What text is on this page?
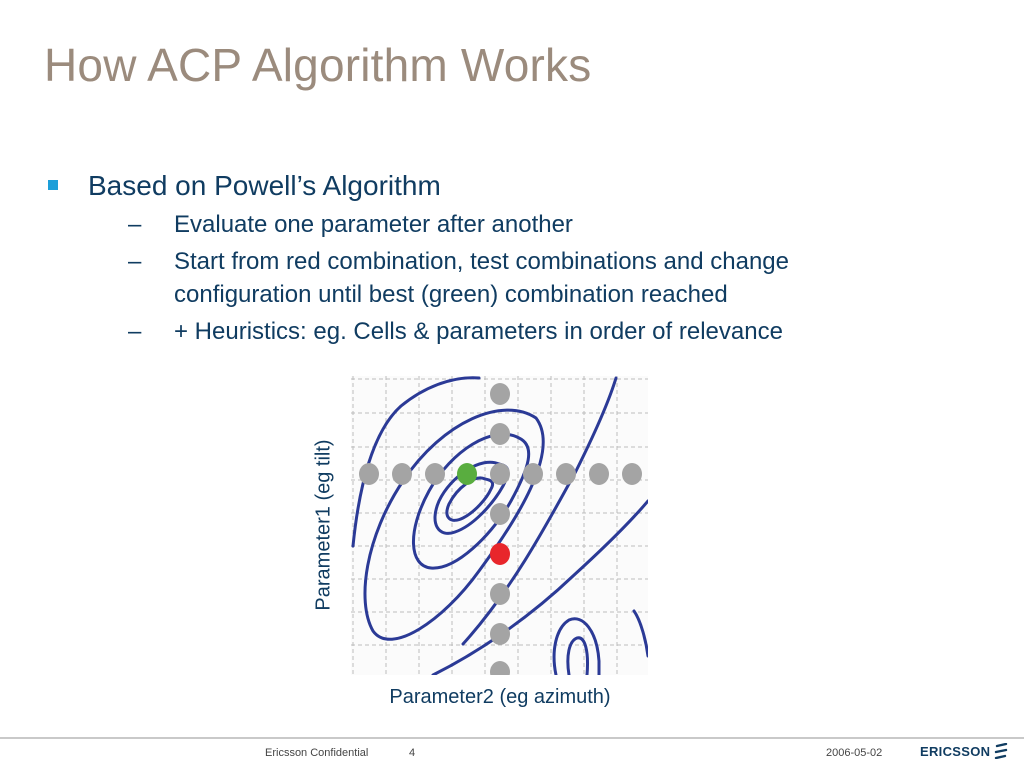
How ACP Algorithm Works
Based on Powell’s Algorithm
– Evaluate one parameter after another
– Start from red combination, test combinations and change
configuration until best (green) combination reached
– + Heuristics: eg. Cells & parameters in order of relevance
Parameter1 (eg tilt)
Parameter2 (eg azimuth)
Ericsson Confidential	4	2006-05-02	ERICSSON
